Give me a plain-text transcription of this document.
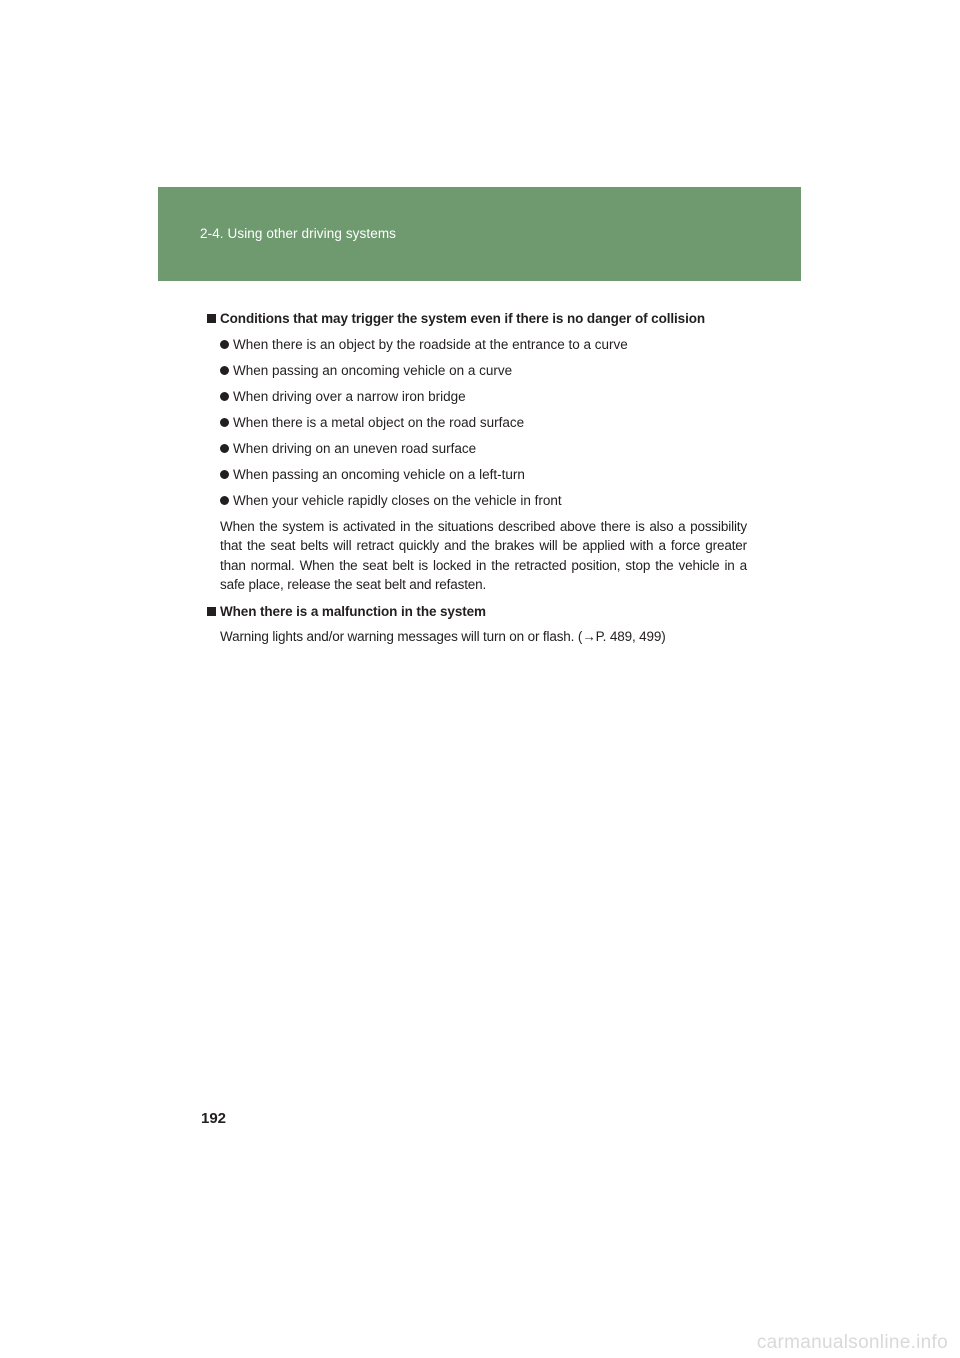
2-4. Using other driving systems
Conditions that may trigger the system even if there is no danger of collision
When there is an object by the roadside at the entrance to a curve
When passing an oncoming vehicle on a curve
When driving over a narrow iron bridge
When there is a metal object on the road surface
When driving on an uneven road surface
When passing an oncoming vehicle on a left-turn
When your vehicle rapidly closes on the vehicle in front

When the system is activated in the situations described above there is also a possibility that the seat belts will retract quickly and the brakes will be applied with a force greater than normal. When the seat belt is locked in the retracted position, stop the vehicle in a safe place, release the seat belt and refasten.

When there is a malfunction in the system

Warning lights and/or warning messages will turn on or flash. (→P. 489, 499)

192
carmanualsonline.info
